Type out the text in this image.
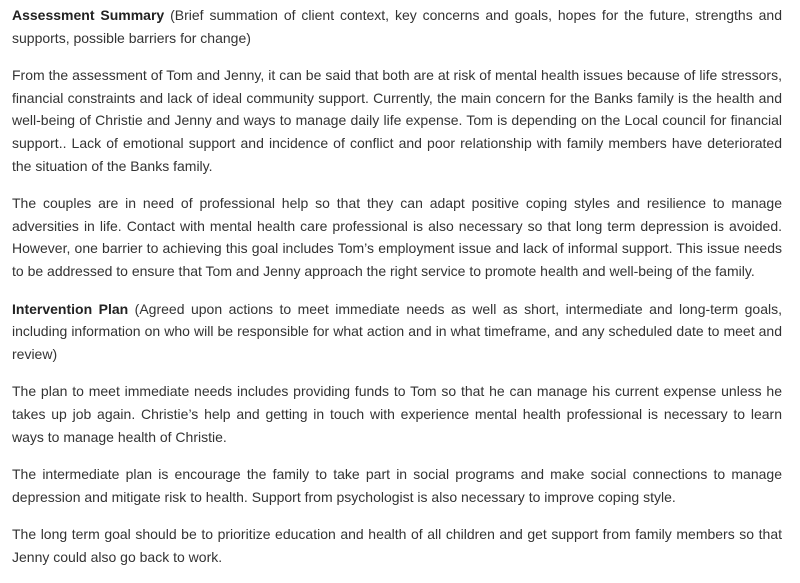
Assessment Summary (Brief summation of client context, key concerns and goals, hopes for the future, strengths and supports, possible barriers for change)

From the assessment of Tom and Jenny, it can be said that both are at risk of mental health issues because of life stressors, financial constraints and lack of ideal community support. Currently, the main concern for the Banks family is the health and well-being of Christie and Jenny and ways to manage daily life expense. Tom is depending on the Local council for financial support.. Lack of emotional support and incidence of conflict and poor relationship with family members have deteriorated the situation of the Banks family.

The couples are in need of professional help so that they can adapt positive coping styles and resilience to manage adversities in life. Contact with mental health care professional is also necessary so that long term depression is avoided. However, one barrier to achieving this goal includes Tom’s employment issue and lack of informal support. This issue needs to be addressed to ensure that Tom and Jenny approach the right service to promote health and well-being of the family.

Intervention Plan (Agreed upon actions to meet immediate needs as well as short, intermediate and long-term goals, including information on who will be responsible for what action and in what timeframe, and any scheduled date to meet and review)

The plan to meet immediate needs includes providing funds to Tom so that he can manage his current expense unless he takes up job again. Christie’s help and getting in touch with experience mental health professional is necessary to learn ways to manage health of Christie.

The intermediate plan is encourage the family to take part in social programs and make social connections to manage depression and mitigate risk to health. Support from psychologist is also necessary to improve coping style.

The long term goal should be to prioritize education and health of all children and get support from family members so that Jenny could also go back to work.
